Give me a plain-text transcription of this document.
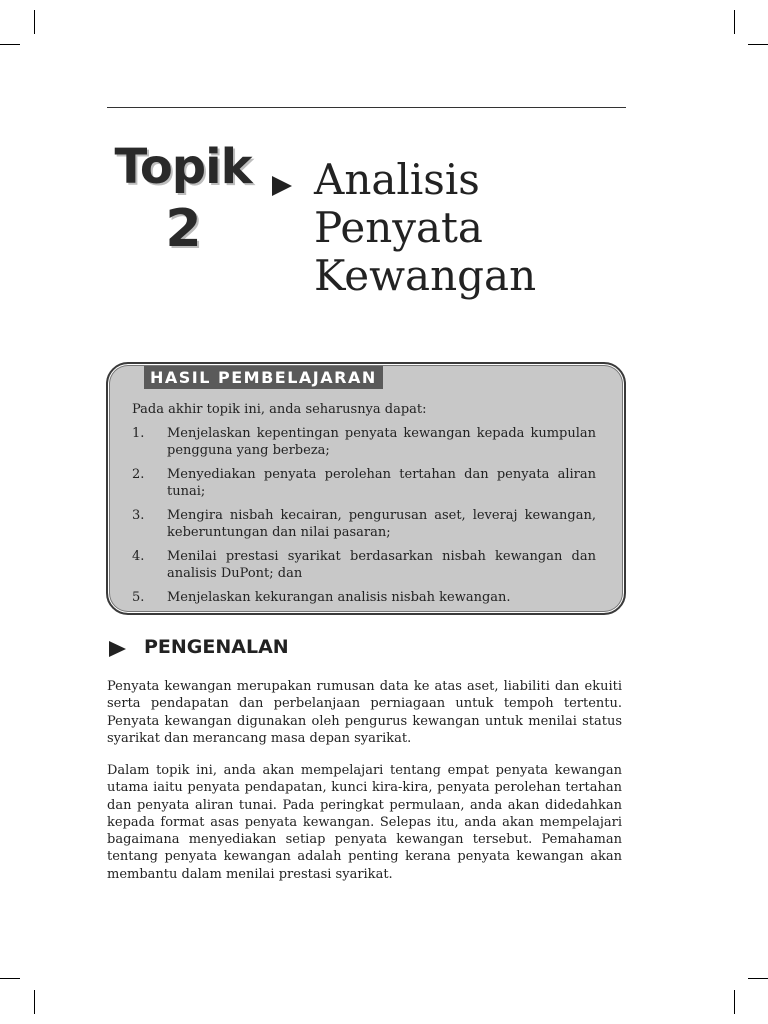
Topik
2
Analisis
Penyata
Kewangan
HASIL PEMBELAJARAN
Pada akhir topik ini, anda seharusnya dapat:
1.	Menjelaskan kepentingan penyata kewangan kepada kumpulan pengguna yang berbeza;
2.	Menyediakan penyata perolehan tertahan dan penyata aliran tunai;
3.	Mengira nisbah kecairan, pengurusan aset, leveraj kewangan, keberuntungan dan nilai pasaran;
4.	Menilai prestasi syarikat berdasarkan nisbah kewangan dan analisis DuPont; dan
5.	Menjelaskan kekurangan analisis nisbah kewangan.
PENGENALAN

Penyata kewangan merupakan rumusan data ke atas aset, liabiliti dan ekuiti serta pendapatan dan perbelanjaan perniagaan untuk tempoh tertentu. Penyata kewangan digunakan oleh pengurus kewangan untuk menilai status syarikat dan merancang masa depan syarikat.

Dalam topik ini, anda akan mempelajari tentang empat penyata kewangan utama iaitu penyata pendapatan, kunci kira-kira, penyata perolehan tertahan dan penyata aliran tunai. Pada peringkat permulaan, anda akan didedahkan kepada format asas penyata kewangan. Selepas itu, anda akan mempelajari bagaimana menyediakan setiap penyata kewangan tersebut. Pemahaman tentang penyata kewangan adalah penting kerana penyata kewangan akan membantu dalam menilai prestasi syarikat.
